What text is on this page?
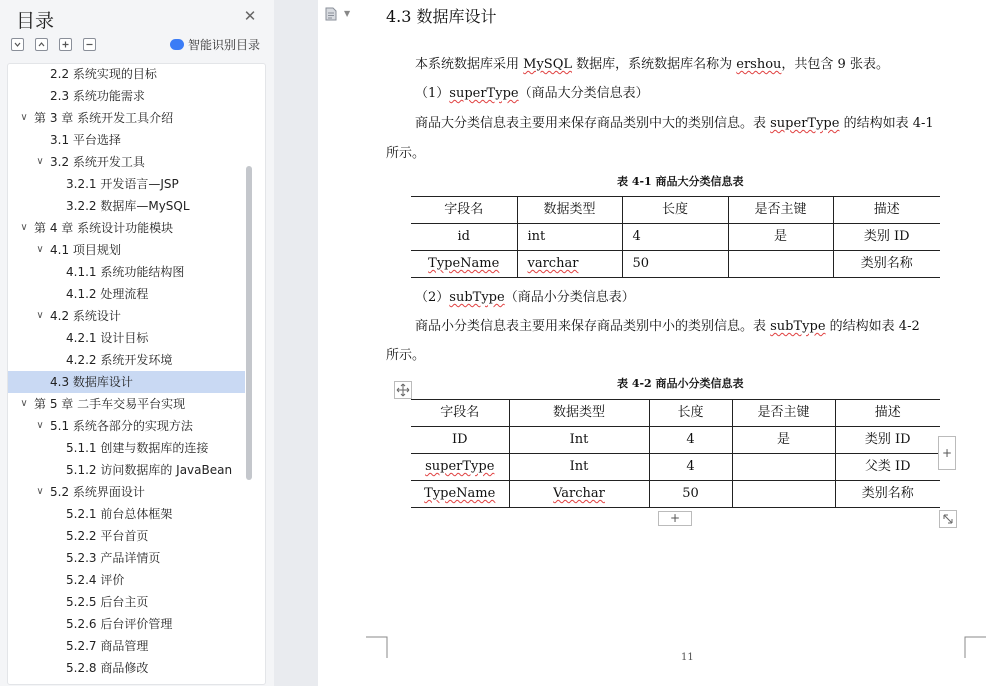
目录	✕
智能识别目录
2.2 系统实现的目标
2.3 系统功能需求
∨ 第 3 章 系统开发工具介绍
3.1 平台选择
∨ 3.2 系统开发工具
3.2.1 开发语言—JSP
3.2.2 数据库—MySQL
∨ 第 4 章 系统设计功能模块
∨ 4.1 项目规划
4.1.1 系统功能结构图
4.1.2 处理流程
∨ 4.2 系统设计
4.2.1 设计目标
4.2.2 系统开发环境
4.3 数据库设计
∨ 第 5 章 二手车交易平台实现
∨ 5.1 系统各部分的实现方法
5.1.1 创建与数据库的连接
5.1.2 访问数据库的 JavaBean
∨ 5.2 系统界面设计
5.2.1 前台总体框架
5.2.2 平台首页
5.2.3 产品详情页
5.2.4 评价
5.2.5 后台主页
5.2.6 后台评价管理
5.2.7 商品管理
5.2.8 商品修改
▼ 4.3 数据库设计
本系统数据库采用 MySQL 数据库，系统数据库名称为 ershou，共包含 9 张表。
（1）superType（商品大分类信息表）
商品大分类信息表主要用来保存商品类别中大的类别信息。表 superType 的结构如表 4-1
所示。
表 4-1 商品大分类信息表
字段名	数据类型	长度	是否主键	描述
id	int	4	是	类别 ID
TypeName	varchar	50		类别名称
（2）subType（商品小分类信息表）
商品小分类信息表主要用来保存商品类别中小的类别信息。表 subType 的结构如表 4-2
所示。
表 4-2 商品小分类信息表
字段名	数据类型	长度	是否主键	描述
ID	Int	4	是	类别 ID
superType	Int	4		父类 ID
TypeName	Varchar	50		类别名称
+
+
11
